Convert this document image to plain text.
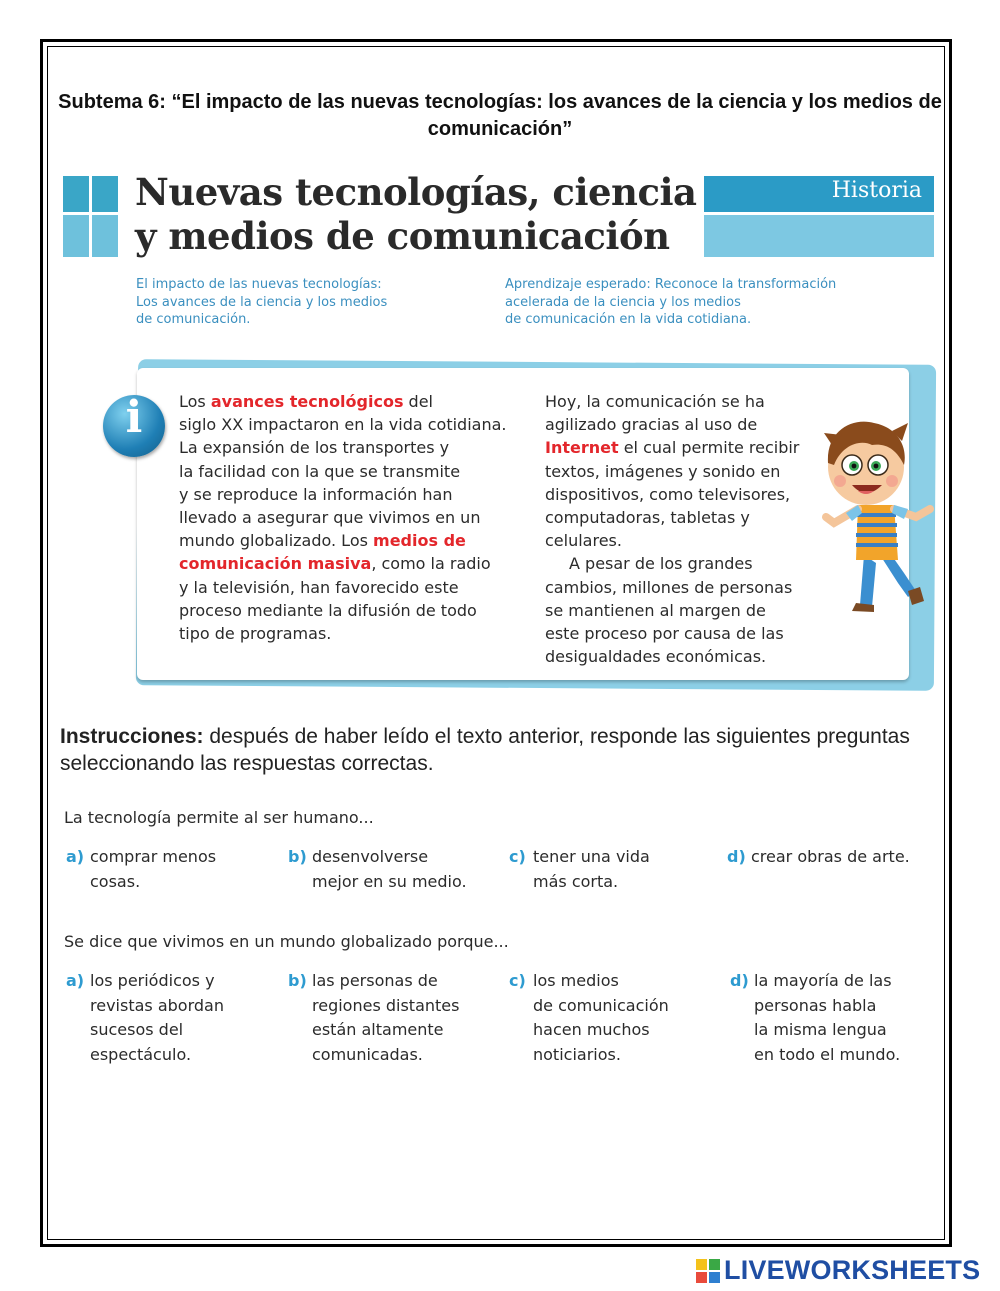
Subtema 6: “El impacto de las nuevas tecnologías: los avances de la ciencia y los medios de comunicación”
Nuevas tecnologías, ciencia
y medios de comunicación
Historia
El impacto de las nuevas tecnologías:
Los avances de la ciencia y los medios
de comunicación.
Aprendizaje esperado: Reconoce la transformación
acelerada de la ciencia y los medios
de comunicación en la vida cotidiana.
i	Los avances tecnológicos del
siglo XX impactaron en la vida cotidiana.
La expansión de los transportes y
la facilidad con la que se transmite
y se reproduce la información han
llevado a asegurar que vivimos en un
mundo globalizado. Los medios de
comunicación masiva, como la radio
y la televisión, han favorecido este
proceso mediante la difusión de todo
tipo de programas.
Hoy, la comunicación se ha
agilizado gracias al uso de
Internet el cual permite recibir
textos, imágenes y sonido en
dispositivos, como televisores,
computadoras, tabletas y
celulares.
A pesar de los grandes
cambios, millones de personas
se mantienen al margen de
este proceso por causa de las
desigualdades económicas.
Instrucciones: después de haber leído el texto anterior, responde las siguientes preguntas seleccionando las respuestas correctas.
La tecnología permite al ser humano...
a) comprar menos
cosas.
b) desenvolverse
mejor en su medio.
c) tener una vida
más corta.
d) crear obras de arte.
Se dice que vivimos en un mundo globalizado porque...
a) los periódicos y
revistas abordan
sucesos del
espectáculo.
b) las personas de
regiones distantes
están altamente
comunicadas.
c) los medios
de comunicación
hacen muchos
noticiarios.
d) la mayoría de las
personas habla
la misma lengua
en todo el mundo.
LIVEWORKSHEETS
